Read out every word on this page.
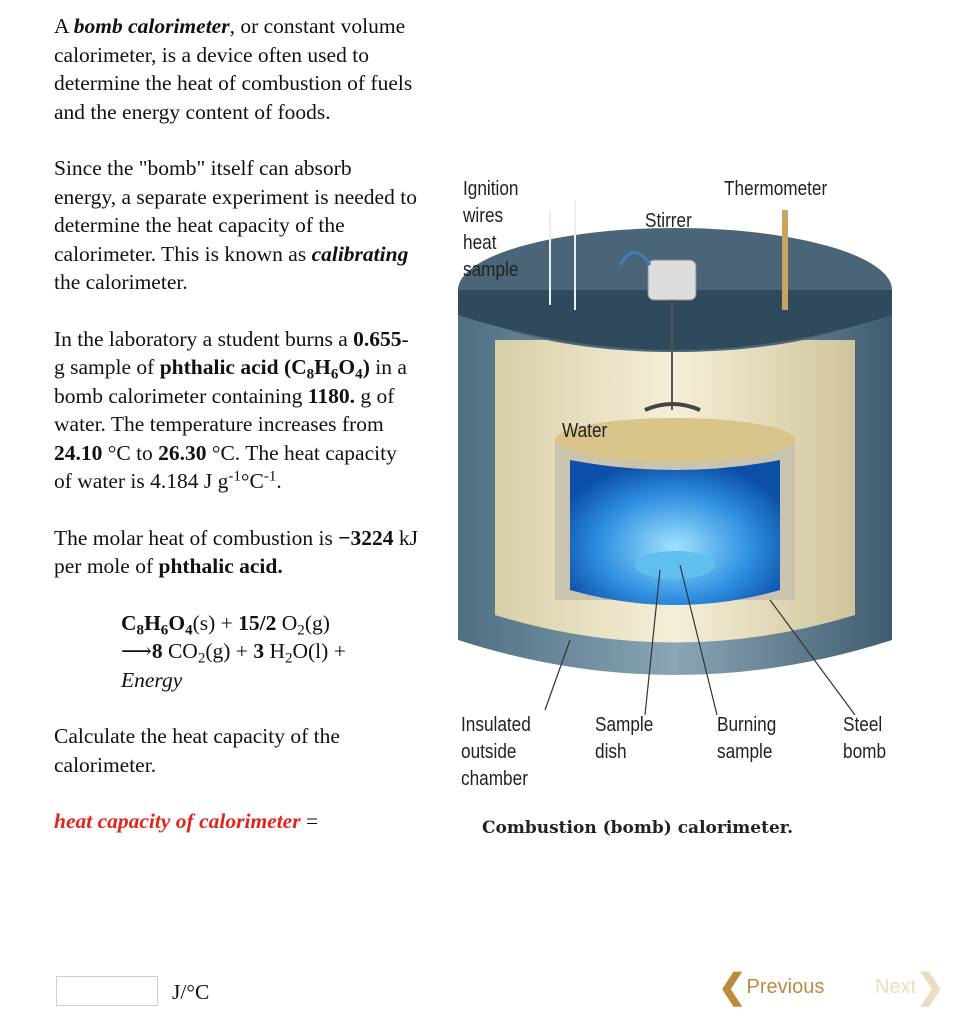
A bomb calorimeter, or constant volume calorimeter, is a device often used to determine the heat of combustion of fuels and the energy content of foods.

Since the "bomb" itself can absorb energy, a separate experiment is needed to determine the heat capacity of the calorimeter. This is known as calibrating the calorimeter.

In the laboratory a student burns a 0.655-g sample of phthalic acid $(C_8H_6O_4)$ in a bomb calorimeter containing 1180. g of water. The temperature increases from 24.10 °C to 26.30 °C. The heat capacity of water is 4.184 J $g^{-1}^\circ C^{-1}$.

The molar heat of combustion is −3224 kJ per mole of phthalic acid.

$C_8H_6O_4(s) + 15/2$ $O_2(g)$
⟶8 $CO_2(g) + 3$ $H_2O(l)$ +
Energy

Calculate the heat capacity of the calorimeter.

heat capacity of calorimeter =
J/°C
Ignition
wires
heat
sample
Thermometer
Stirrer
Water
Insulated
outside
chamber
Sample
dish
Burning
sample
Steel
bomb
Combustion (bomb) calorimeter.
❮ Previous	Next ❯
